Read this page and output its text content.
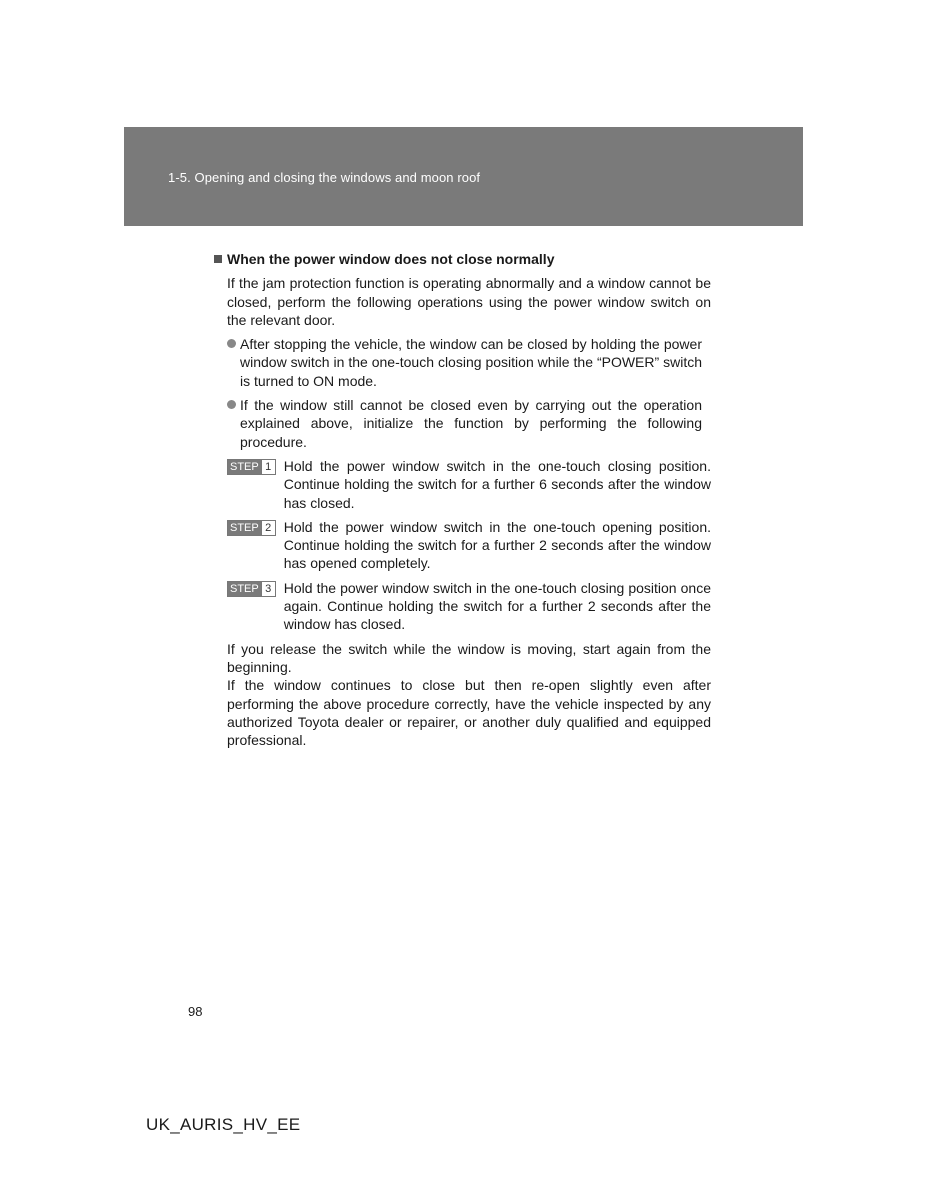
1-5. Opening and closing the windows and moon roof
When the power window does not close normally
If the jam protection function is operating abnormally and a window cannot be closed, perform the following operations using the power window switch on the relevant door.
After stopping the vehicle, the window can be closed by holding the power window switch in the one-touch closing position while the “POWER” switch is turned to ON mode.
If the window still cannot be closed even by carrying out the operation explained above, initialize the function by performing the following procedure.
STEP 1 Hold the power window switch in the one-touch closing position. Continue holding the switch for a further 6 seconds after the window has closed.
STEP 2 Hold the power window switch in the one-touch opening position. Continue holding the switch for a further 2 seconds after the window has opened completely.
STEP 3 Hold the power window switch in the one-touch closing position once again. Continue holding the switch for a further 2 seconds after the window has closed.
If you release the switch while the window is moving, start again from the beginning.
If the window continues to close but then re-open slightly even after performing the above procedure correctly, have the vehicle inspected by any authorized Toyota dealer or repairer, or another duly qualified and equipped professional.
98
UK_AURIS_HV_EE
